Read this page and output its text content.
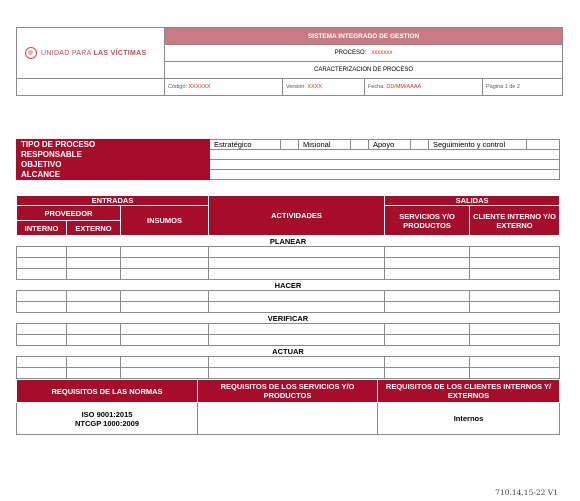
UNIDAD PARA LAS VÍCTIMAS	SISTEMA INTEGRADO DE GESTION			
	PROCESO: xxxxxxx			
	CARACTERIZACION DE PROCESO			
	Código: XXXXXX	Versión: XXXX	Fecha: DD/MM/AAAA	Página 1 de 2
TIPO DE PROCESO	Estratégico		Misional		Apoyo		Seguimiento y control	
RESPONSABLE								
OBJETIVO								
ALCANCE								
ENTRADAS			ACTIVIDADES	SALIDAS	
PROVEEDOR		INSUMOS		SERVICIOS Y/O PRODUCTOS	CLIENTE INTERNO Y/O EXTERNO
INTERNO	EXTERNO				
PLANEAR					

HACER					

VERIFICAR					

ACTUAR					

REQUISITOS DE LAS NORMAS	REQUISITOS DE LOS SERVICIOS Y/O PRODUCTOS	REQUISITOS DE LOS CLIENTES INTERNOS Y/ EXTERNOS

ISO 9001:2015
NTCGP 1000:2009		Internos
710.14.15-22 V1
